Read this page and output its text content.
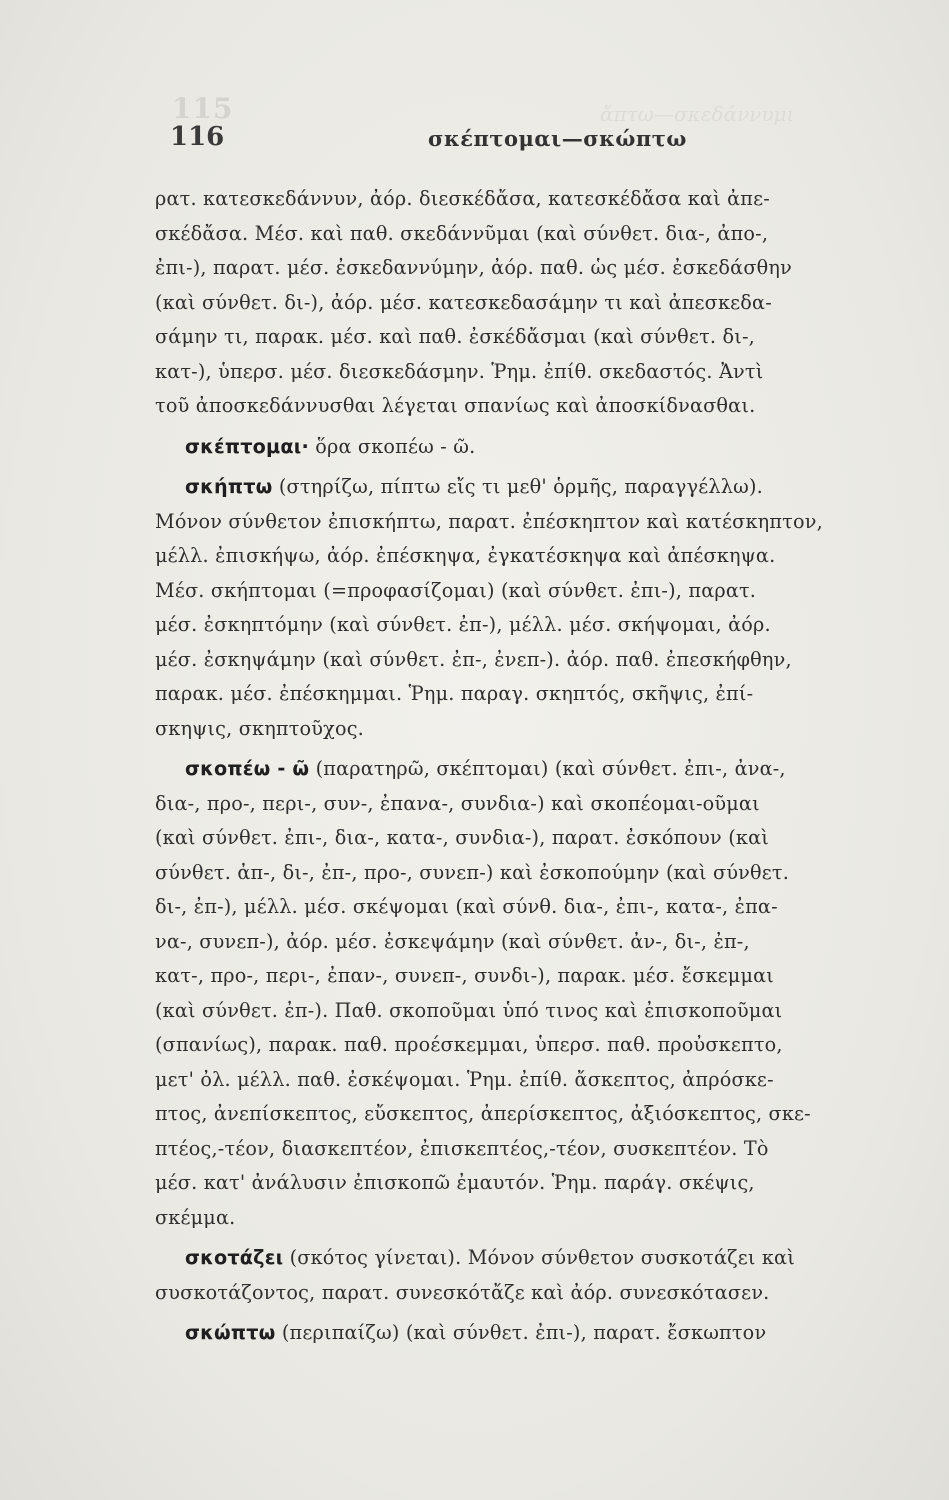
115	ἄπτω—σκεδάννυμι
116	σκέπτομαι—σκώπτω
ρατ. κατεσκεδάννυν, ἀόρ. διεσκέδἄσα, κατεσκέδἄσα καὶ ἀπε-
σκέδἄσα. Μέσ. καὶ παθ. σκεδάννῦμαι (καὶ σύνθετ. δια-, ἀπο-,
ἐπι-), παρατ. μέσ. ἐσκεδαννύμην, ἀόρ. παθ. ὡς μέσ. ἐσκεδάσθην
(καὶ σύνθετ. δι-), ἀόρ. μέσ. κατεσκεδασάμην τι καὶ ἀπεσκεδα-
σάμην τι, παρακ. μέσ. καὶ παθ. ἐσκέδἄσμαι (καὶ σύνθετ. δι-,
κατ-), ὑπερσ. μέσ. διεσκεδάσμην. Ῥημ. ἐπίθ. σκεδαστός. Ἀντὶ
τοῦ ἀποσκεδάννυσθαι λέγεται σπανίως καὶ ἀποσκίδνασθαι.
σκέπτομαι· ὅρα σκοπέω - ῶ.
σκήπτω (στηρίζω, πίπτω εἴς τι μεθ' ὁρμῆς, παραγγέλλω).
Μόνον σύνθετον ἐπισκήπτω, παρατ. ἐπέσκηπτον καὶ κατέσκηπτον,
μέλλ. ἐπισκήψω, ἀόρ. ἐπέσκηψα, ἐγκατέσκηψα καὶ ἀπέσκηψα.
Μέσ. σκήπτομαι (=προφασίζομαι) (καὶ σύνθετ. ἐπι-), παρατ.
μέσ. ἐσκηπτόμην (καὶ σύνθετ. ἐπ-), μέλλ. μέσ. σκήψομαι, ἀόρ.
μέσ. ἐσκηψάμην (καὶ σύνθετ. ἐπ-, ἐνεπ-). ἀόρ. παθ. ἐπεσκήφθην,
παρακ. μέσ. ἐπέσκημμαι. Ῥημ. παραγ. σκηπτός, σκῆψις, ἐπί-
σκηψις, σκηπτοῦχος.
σκοπέω - ῶ (παρατηρῶ, σκέπτομαι) (καὶ σύνθετ. ἐπι-, ἀνα-,
δια-, προ-, περι-, συν-, ἐπανα-, συνδια-) καὶ σκοπέομαι-οῦμαι
(καὶ σύνθετ. ἐπι-, δια-, κατα-, συνδια-), παρατ. ἐσκόπουν (καὶ
σύνθετ. ἀπ-, δι-, ἐπ-, προ-, συνεπ-) καὶ ἐσκοπούμην (καὶ σύνθετ.
δι-, ἐπ-), μέλλ. μέσ. σκέψομαι (καὶ σύνθ. δια-, ἐπι-, κατα-, ἐπα-
να-, συνεπ-), ἀόρ. μέσ. ἐσκεψάμην (καὶ σύνθετ. ἀν-, δι-, ἐπ-,
κατ-, προ-, περι-, ἐπαν-, συνεπ-, συνδι-), παρακ. μέσ. ἔσκεμμαι
(καὶ σύνθετ. ἐπ-). Παθ. σκοποῦμαι ὑπό τινος καὶ ἐπισκοποῦμαι
(σπανίως), παρακ. παθ. προέσκεμμαι, ὑπερσ. παθ. προὐσκεπτο,
μετ' ὀλ. μέλλ. παθ. ἐσκέψομαι. Ῥημ. ἐπίθ. ἄσκεπτος, ἀπρόσκε-
πτος, ἀνεπίσκεπτος, εὔσκεπτος, ἀπερίσκεπτος, ἀξιόσκεπτος, σκε-
πτέος,-τέον, διασκεπτέον, ἐπισκεπτέος,-τέον, συσκεπτέον. Τὸ
μέσ. κατ' ἀνάλυσιν ἐπισκοπῶ ἐμαυτόν. Ῥημ. παράγ. σκέψις,
σκέμμα.
σκοτάζει (σκότος γίνεται). Μόνον σύνθετον συσκοτάζει καὶ
συσκοτάζοντος, παρατ. συνεσκότἄζε καὶ ἀόρ. συνεσκότασεν.
σκώπτω (περιπαίζω) (καὶ σύνθετ. ἐπι-), παρατ. ἔσκωπτον
